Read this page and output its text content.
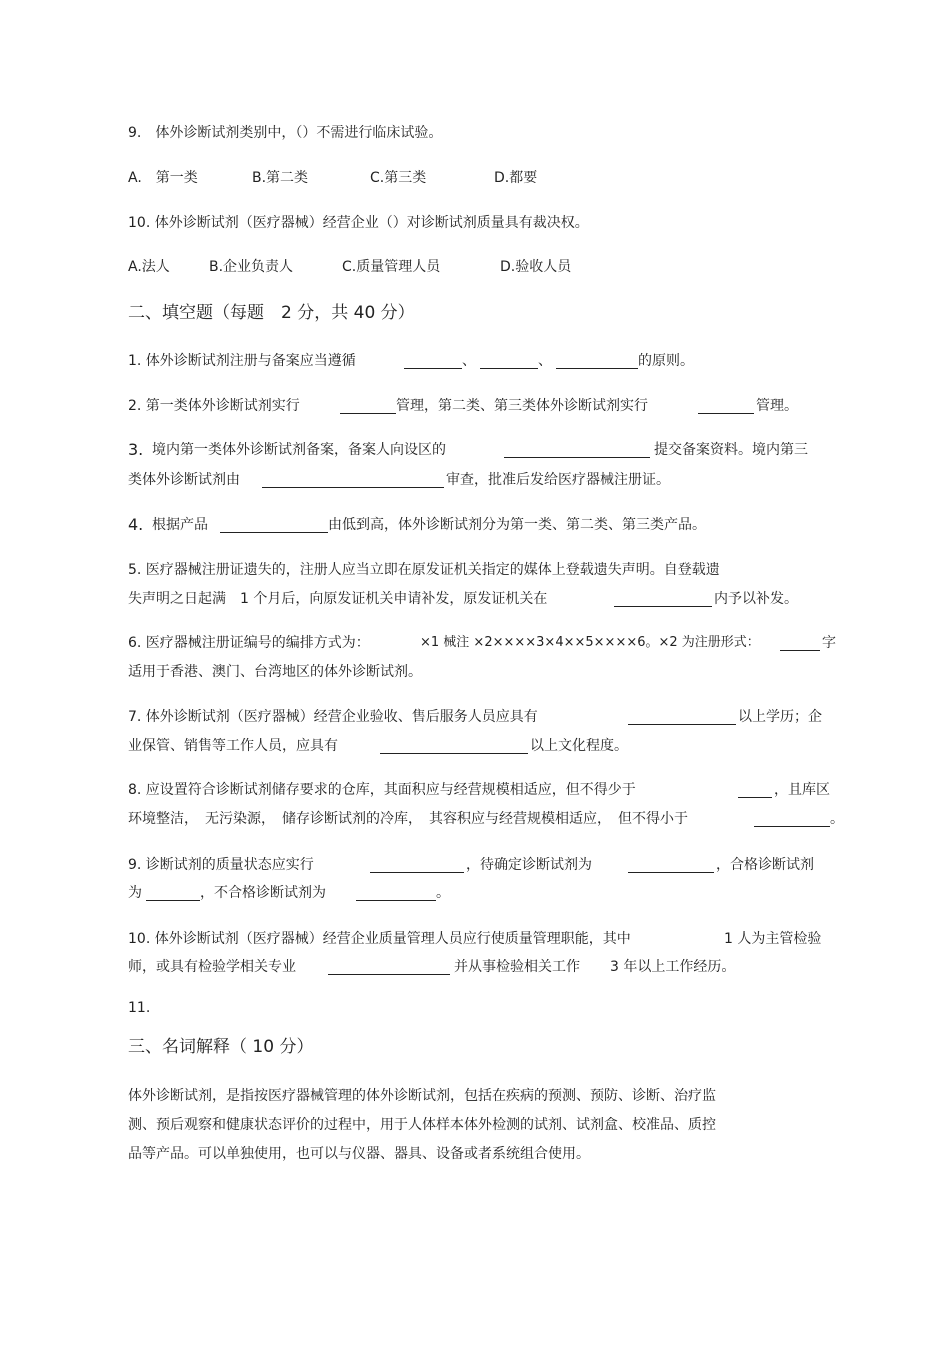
9.　体外诊断试剂类别中，（）不需进行临床试验。
A.　第一类	B.第二类	C.第三类	D.都要
10. 体外诊断试剂（医疗器械）经营企业（）对诊断试剂质量具有裁决权。
A.法人	B.企业负责人	C.质量管理人员	D.验收人员
二、填空题（每题　2 分，共 40 分）
1. 体外诊断试剂注册与备案应当遵循	、	、	的原则。
2. 第一类体外诊断试剂实行	管理，第二类、第三类体外诊断试剂实行	管理。
3. 境内第一类体外诊断试剂备案，备案人向设区的	提交备案资料。境内第三
类体外诊断试剂由	审查，批准后发给医疗器械注册证。
4. 根据产品	由低到高，体外诊断试剂分为第一类、第二类、第三类产品。
5. 医疗器械注册证遗失的，注册人应当立即在原发证机关指定的媒体上登载遗失声明。自登载遗
失声明之日起满　1 个月后，向原发证机关申请补发，原发证机关在	内予以补发。
6. 医疗器械注册证编号的编排方式为：	×1 械注 ×2××××3×4××5××××6。×2 为注册形式：	字
适用于香港、澳门、台湾地区的体外诊断试剂。
7. 体外诊断试剂（医疗器械）经营企业验收、售后服务人员应具有	以上学历；企
业保管、销售等工作人员，应具有	以上文化程度。
8. 应设置符合诊断试剂储存要求的仓库，其面积应与经营规模相适应，但不得少于	，且库区
环境整洁，　无污染源，　储存诊断试剂的冷库，　其容积应与经营规模相适应，　但不得小于	。
9. 诊断试剂的质量状态应实行	，待确定诊断试剂为	，合格诊断试剂
为	，不合格诊断试剂为	。
10. 体外诊断试剂（医疗器械）经营企业质量管理人员应行使质量管理职能，其中	1 人为主管检验
师，或具有检验学相关专业	并从事检验相关工作 3 年以上工作经历。
11.
三、名词解释（ 10 分）
体外诊断试剂，是指按医疗器械管理的体外诊断试剂，包括在疾病的预测、预防、诊断、治疗监
测、预后观察和健康状态评价的过程中，用于人体样本体外检测的试剂、试剂盒、校准品、质控
品等产品。可以单独使用，也可以与仪器、器具、设备或者系统组合使用。
